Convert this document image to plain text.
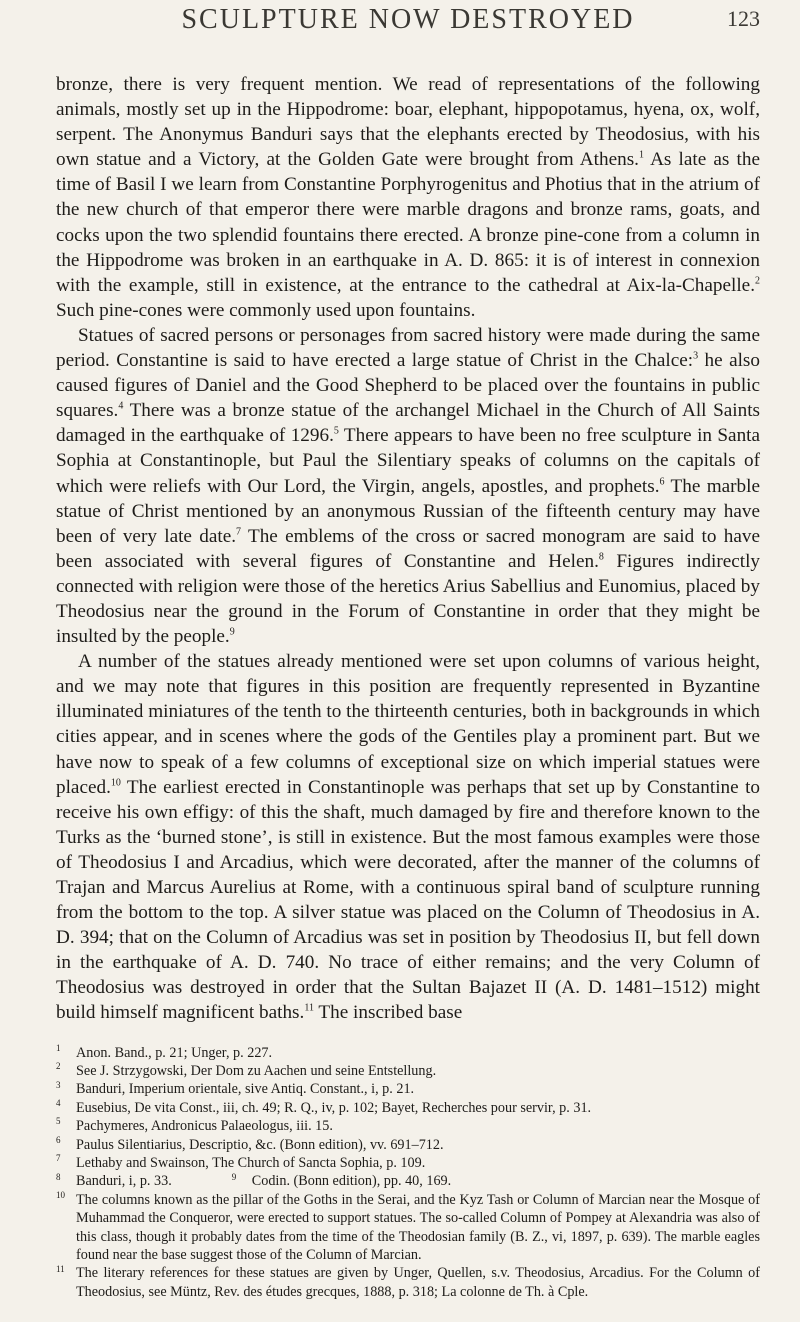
SCULPTURE NOW DESTROYED	123

bronze, there is very frequent mention. We read of representations of the following animals, mostly set up in the Hippodrome: boar, elephant, hippopotamus, hyena, ox, wolf, serpent. The Anonymus Banduri says that the elephants erected by Theodosius, with his own statue and a Victory, at the Golden Gate were brought from Athens.$^1$ As late as the time of Basil I we learn from Constantine Porphyrogenitus and Photius that in the atrium of the new church of that emperor there were marble dragons and bronze rams, goats, and cocks upon the two splendid fountains there erected. A bronze pine-cone from a column in the Hippodrome was broken in an earthquake in A. D. 865: it is of interest in connexion with the example, still in existence, at the entrance to the cathedral at Aix-la-Chapelle.$^2$ Such pine-cones were commonly used upon fountains.

Statues of sacred persons or personages from sacred history were made during the same period. Constantine is said to have erected a large statue of Christ in the Chalce:$^3$ he also caused figures of Daniel and the Good Shepherd to be placed over the fountains in public squares.$^4$ There was a bronze statue of the archangel Michael in the Church of All Saints damaged in the earthquake of 1296.$^5$ There appears to have been no free sculpture in Santa Sophia at Constantinople, but Paul the Silentiary speaks of columns on the capitals of which were reliefs with Our Lord, the Virgin, angels, apostles, and prophets.$^6$ The marble statue of Christ mentioned by an anonymous Russian of the fifteenth century may have been of very late date.$^7$ The emblems of the cross or sacred monogram are said to have been associated with several figures of Constantine and Helen.$^8$ Figures indirectly connected with religion were those of the heretics Arius Sabellius and Eunomius, placed by Theodosius near the ground in the Forum of Constantine in order that they might be insulted by the people.$^9$

A number of the statues already mentioned were set upon columns of various height, and we may note that figures in this position are frequently represented in Byzantine illuminated miniatures of the tenth to the thirteenth centuries, both in backgrounds in which cities appear, and in scenes where the gods of the Gentiles play a prominent part. But we have now to speak of a few columns of exceptional size on which imperial statues were placed.$^{10}$ The earliest erected in Constantinople was perhaps that set up by Constantine to receive his own effigy: of this the shaft, much damaged by fire and therefore known to the Turks as the ‘burned stone’, is still in existence. But the most famous examples were those of Theodosius I and Arcadius, which were decorated, after the manner of the columns of Trajan and Marcus Aurelius at Rome, with a continuous spiral band of sculpture running from the bottom to the top. A silver statue was placed on the Column of Theodosius in A. D. 394; that on the Column of Arcadius was set in position by Theodosius II, but fell down in the earthquake of A. D. 740. No trace of either remains; and the very Column of Theodosius was destroyed in order that the Sultan Bajazet II (A. D. 1481–1512) might build himself magnificent baths.$^{11}$ The inscribed base

1 Anon. Band., p. 21; Unger, p. 227.
2 See J. Strzygowski, Der Dom zu Aachen und seine Entstellung.
3 Banduri, Imperium orientale, sive Antiq. Constant., i, p. 21.
4 Eusebius, De vita Const., iii, ch. 49; R. Q., iv, p. 102; Bayet, Recherches pour servir, p. 31.
5 Pachymeres, Andronicus Palaeologus, iii. 15.
6 Paulus Silentiarius, Descriptio, &c. (Bonn edition), vv. 691–712.
7 Lethaby and Swainson, The Church of Sancta Sophia, p. 109.
8 Banduri, i, p. 33.	9 Codin. (Bonn edition), pp. 40, 169.
10 The columns known as the pillar of the Goths in the Serai, and the Kyz Tash or Column of Marcian near the Mosque of Muhammad the Conqueror, were erected to support statues. The so-called Column of Pompey at Alexandria was also of this class, though it probably dates from the time of the Theodosian family (B. Z., vi, 1897, p. 639). The marble eagles found near the base suggest those of the Column of Marcian.
11 The literary references for these statues are given by Unger, Quellen, s.v. Theodosius, Arcadius. For the Column of Theodosius, see Müntz, Rev. des études grecques, 1888, p. 318; La colonne de Th. à Cple.
